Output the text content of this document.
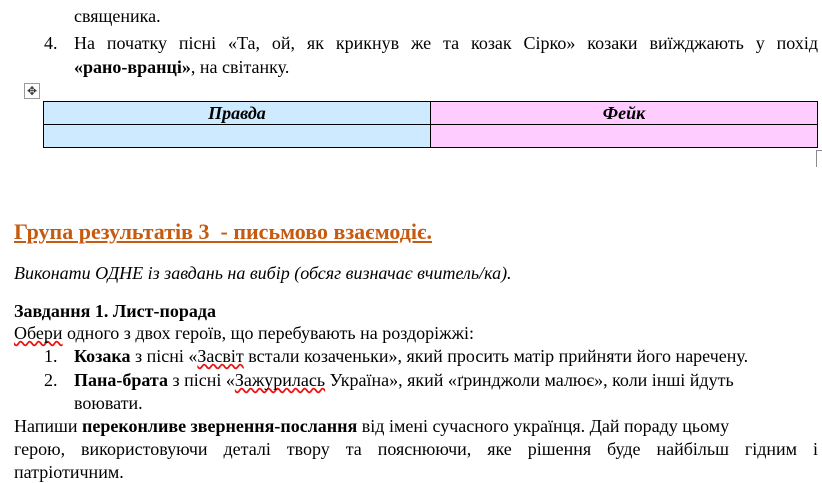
священика.
4. На початку пісні «Та, ой, як крикнув же та козак Сірко» козаки виїжджають у похід
«рано-вранці», на світанку.
✥
Правда	Фейк

Група результатів 3  - письмово взаємодіє.
Виконати ОДНЕ із завдань на вибір (обсяг визначає вчитель/ка).
Завдання 1. Лист-порада
Обери одного з двох героїв, що перебувають на роздоріжжі:
1. Козака з пісні «Засвіт встали козаченьки», який просить матір прийняти його наречену.
2. Пана-брата з пісні «Зажурилась Україна», який «ґринджоли малює», коли інші йдуть
воювати.
Напиши переконливе звернення-послання від імені сучасного українця. Дай пораду цьому
герою, використовуючи деталі твору та пояснюючи, яке рішення буде найбільш гідним і
патріотичним.
